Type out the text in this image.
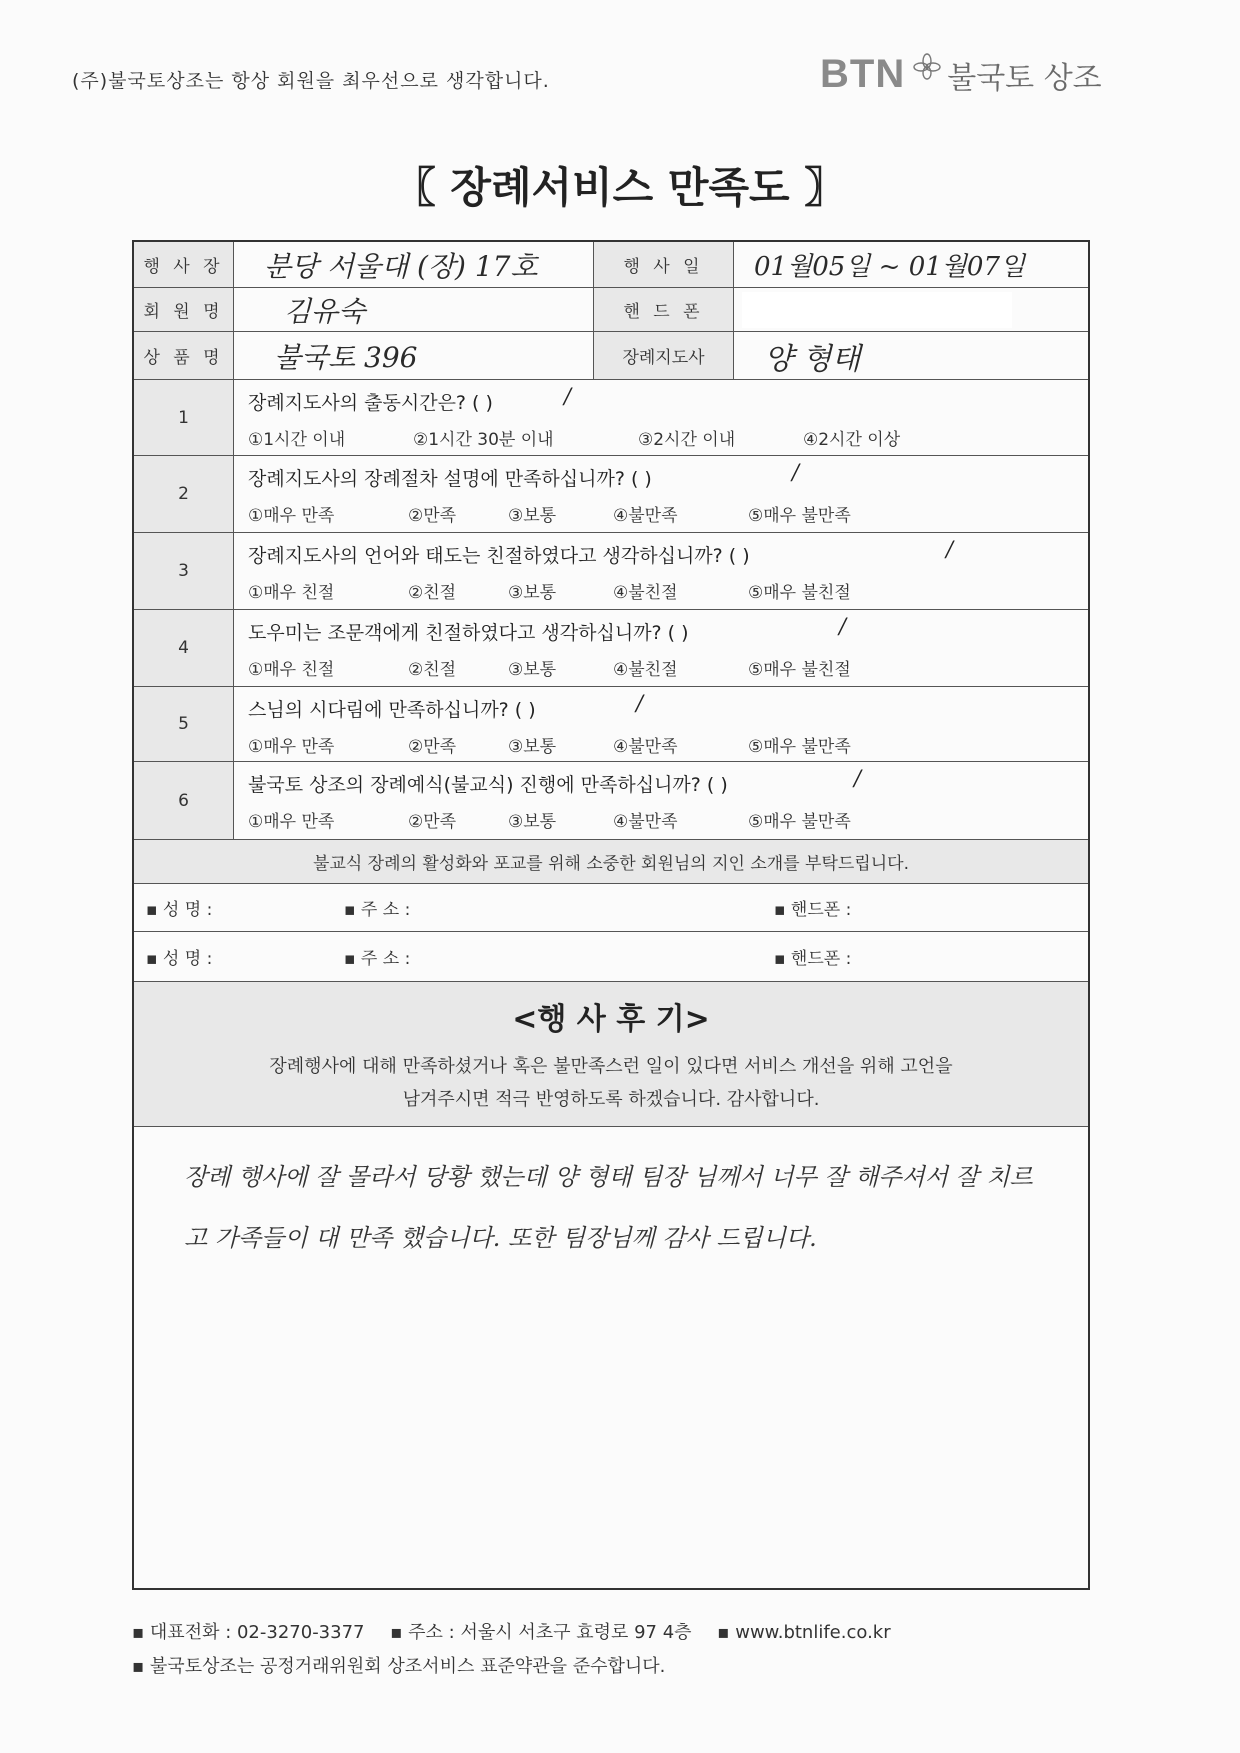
(주)불국토상조는 항상 회원을 최우선으로 생각합니다.	BTN 불국토 상조
〖 장례서비스 만족도 〗
행 사 장	분당 서울대 (장) 17호	행 사 일	01월05일 ~ 01월07일
회 원 명	김유숙	핸 드 폰
상 품 명	불국토 396	장례지도사	양 형태
1
장례지도사의 출동시간은? ( )	/
①1시간 이내	②1시간 30분 이내	③2시간 이내	④2시간 이상
2
장례지도사의 장례절차 설명에 만족하십니까? ( )	/
①매우 만족	②만족	③보통	④불만족	⑤매우 불만족
3
장례지도사의 언어와 태도는 친절하였다고 생각하십니까? ( )	/
①매우 친절	②친절	③보통	④불친절	⑤매우 불친절
4
도우미는 조문객에게 친절하였다고 생각하십니까? ( )	/
①매우 친절	②친절	③보통	④불친절	⑤매우 불친절
5
스님의 시다림에 만족하십니까? ( )	/
①매우 만족	②만족	③보통	④불만족	⑤매우 불만족
6
불국토 상조의 장례예식(불교식) 진행에 만족하십니까? ( )	/
①매우 만족	②만족	③보통	④불만족	⑤매우 불만족
불교식 장례의 활성화와 포교를 위해 소중한 회원님의 지인 소개를 부탁드립니다.
▪ 성 명 :	▪ 주 소 :	▪ 핸드폰 :
▪ 성 명 :	▪ 주 소 :	▪ 핸드폰 :
<행 사 후 기>
장례행사에 대해 만족하셨거나 혹은 불만족스런 일이 있다면 서비스 개선을 위해 고언을
남겨주시면 적극 반영하도록 하겠습니다. 감사합니다.
장례 행사에 잘 몰라서 당황 했는데 양 형태 팀장 님께서 너무 잘 해주셔서 잘 치르고 가족들이 대 만족 했습니다. 또한 팀장님께 감사 드립니다.
▪ 대표전화 : 02-3270-3377 ▪ 주소 : 서울시 서초구 효령로 97 4층 ▪ www.btnlife.co.kr
▪ 불국토상조는 공정거래위원회 상조서비스 표준약관을 준수합니다.
